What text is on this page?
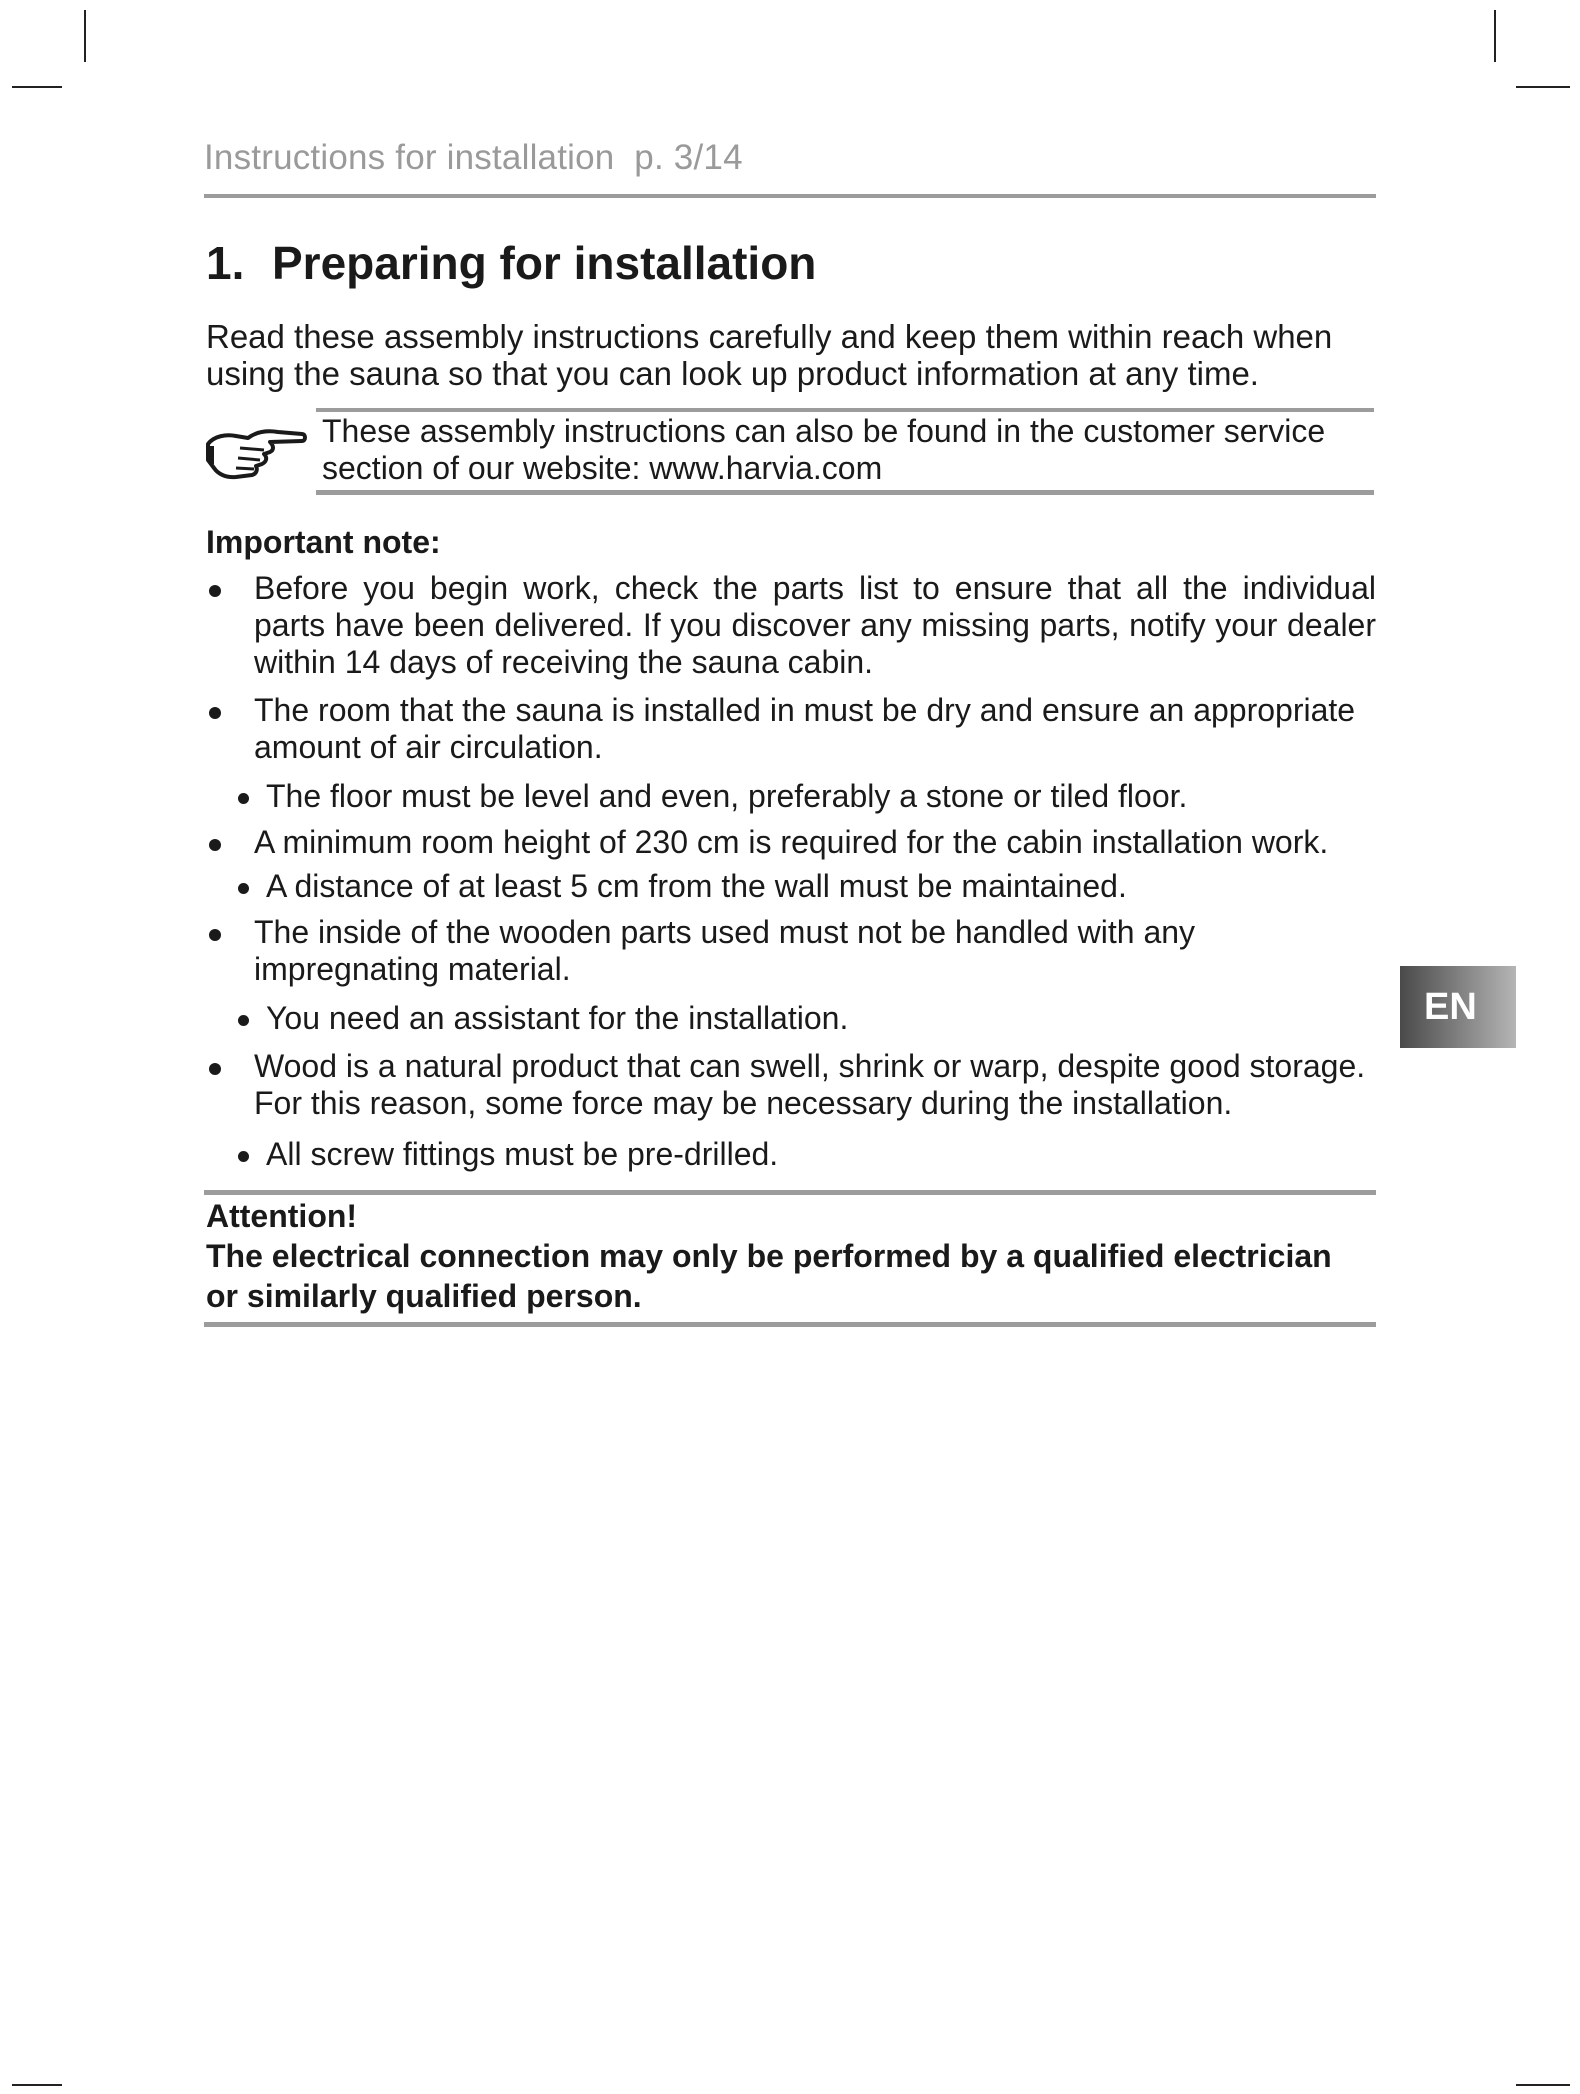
Instructions for installation p. 3/14
1. Preparing for installation

Read these assembly instructions carefully and keep them within reach when
using the sauna so that you can look up product information at any time.

These assembly instructions can also be found in the customer service
section of our website: www.harvia.com

Important note:

Before you begin work, check the parts list to ensure that all the individual parts have been delivered. If you discover any missing parts, notify your dealer within 14 days of receiving the sauna cabin.
The room that the sauna is installed in must be dry and ensure an appropriate amount of air circulation.
The floor must be level and even, preferably a stone or tiled floor.
A minimum room height of 230 cm is required for the cabin installation work.
A distance of at least 5 cm from the wall must be maintained.
The inside of the wooden parts used must not be handled with any impregnating material.
You need an assistant for the installation.
Wood is a natural product that can swell, shrink or warp, despite good storage. For this reason, some force may be necessary during the installation.
All screw fittings must be pre-drilled.

Attention!

The electrical connection may only be performed by a qualified electrician
or similarly qualified person.

EN
